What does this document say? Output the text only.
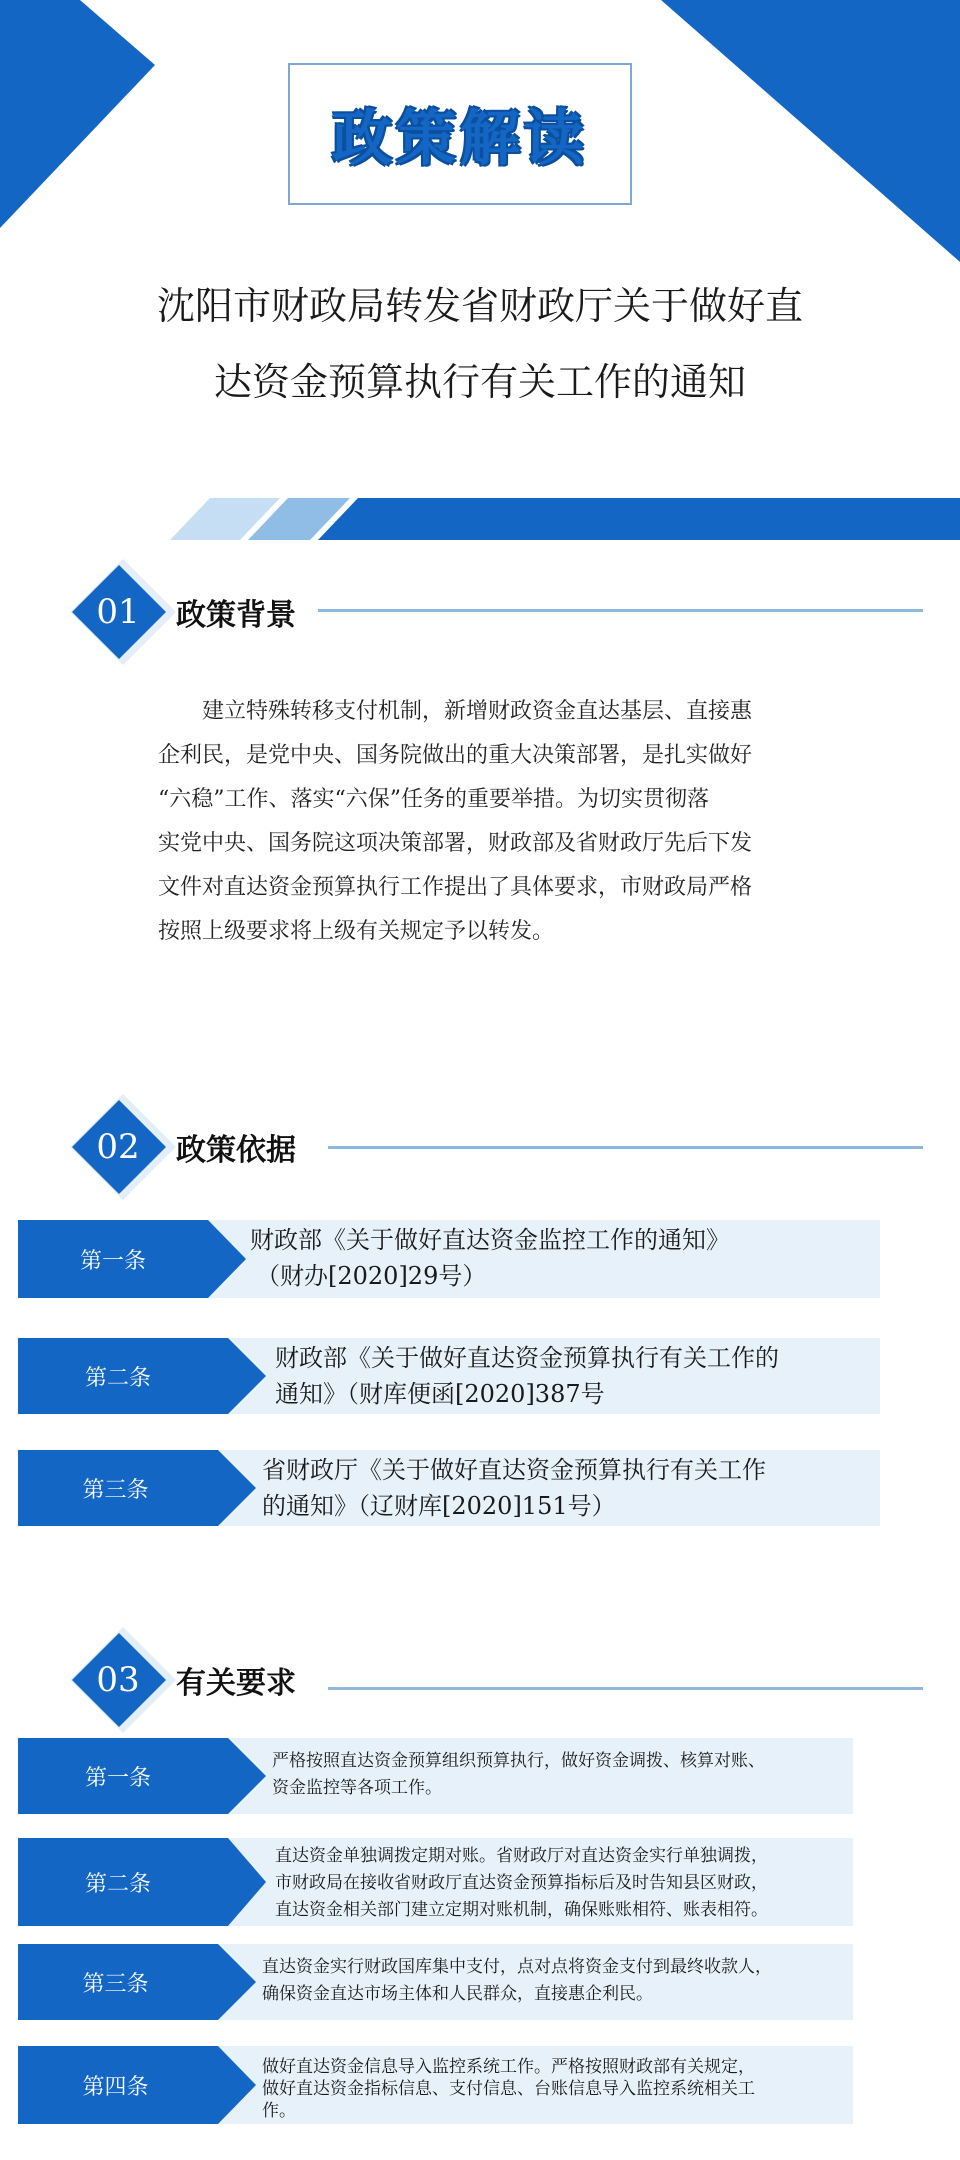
政策解读
沈阳市财政局转发省财政厅关于做好直
达资金预算执行有关工作的通知
01	政策背景
建立特殊转移支付机制，新增财政资金直达基层、直接惠
企利民，是党中央、国务院做出的重大决策部署，是扎实做好
“六稳”工作、落实“六保”任务的重要举措。为切实贯彻落
实党中央、国务院这项决策部署，财政部及省财政厅先后下发
文件对直达资金预算执行工作提出了具体要求，市财政局严格
按照上级要求将上级有关规定予以转发。
02	政策依据
第一条
财政部《关于做好直达资金监控工作的通知》
（财办[2020]29号）
第二条
财政部《关于做好直达资金预算执行有关工作的
通知》（财库便函[2020]387号
第三条
省财政厅《关于做好直达资金预算执行有关工作
的通知》（辽财库[2020]151号）
03	有关要求
第一条
严格按照直达资金预算组织预算执行，做好资金调拨、核算对账、
资金监控等各项工作。
第二条
直达资金单独调拨定期对账。省财政厅对直达资金实行单独调拨，
市财政局在接收省财政厅直达资金预算指标后及时告知县区财政，
直达资金相关部门建立定期对账机制，确保账账相符、账表相符。
第三条
直达资金实行财政国库集中支付，点对点将资金支付到最终收款人，
确保资金直达市场主体和人民群众，直接惠企利民。
第四条
做好直达资金信息导入监控系统工作。严格按照财政部有关规定，
做好直达资金指标信息、支付信息、台账信息导入监控系统相关工
作。
